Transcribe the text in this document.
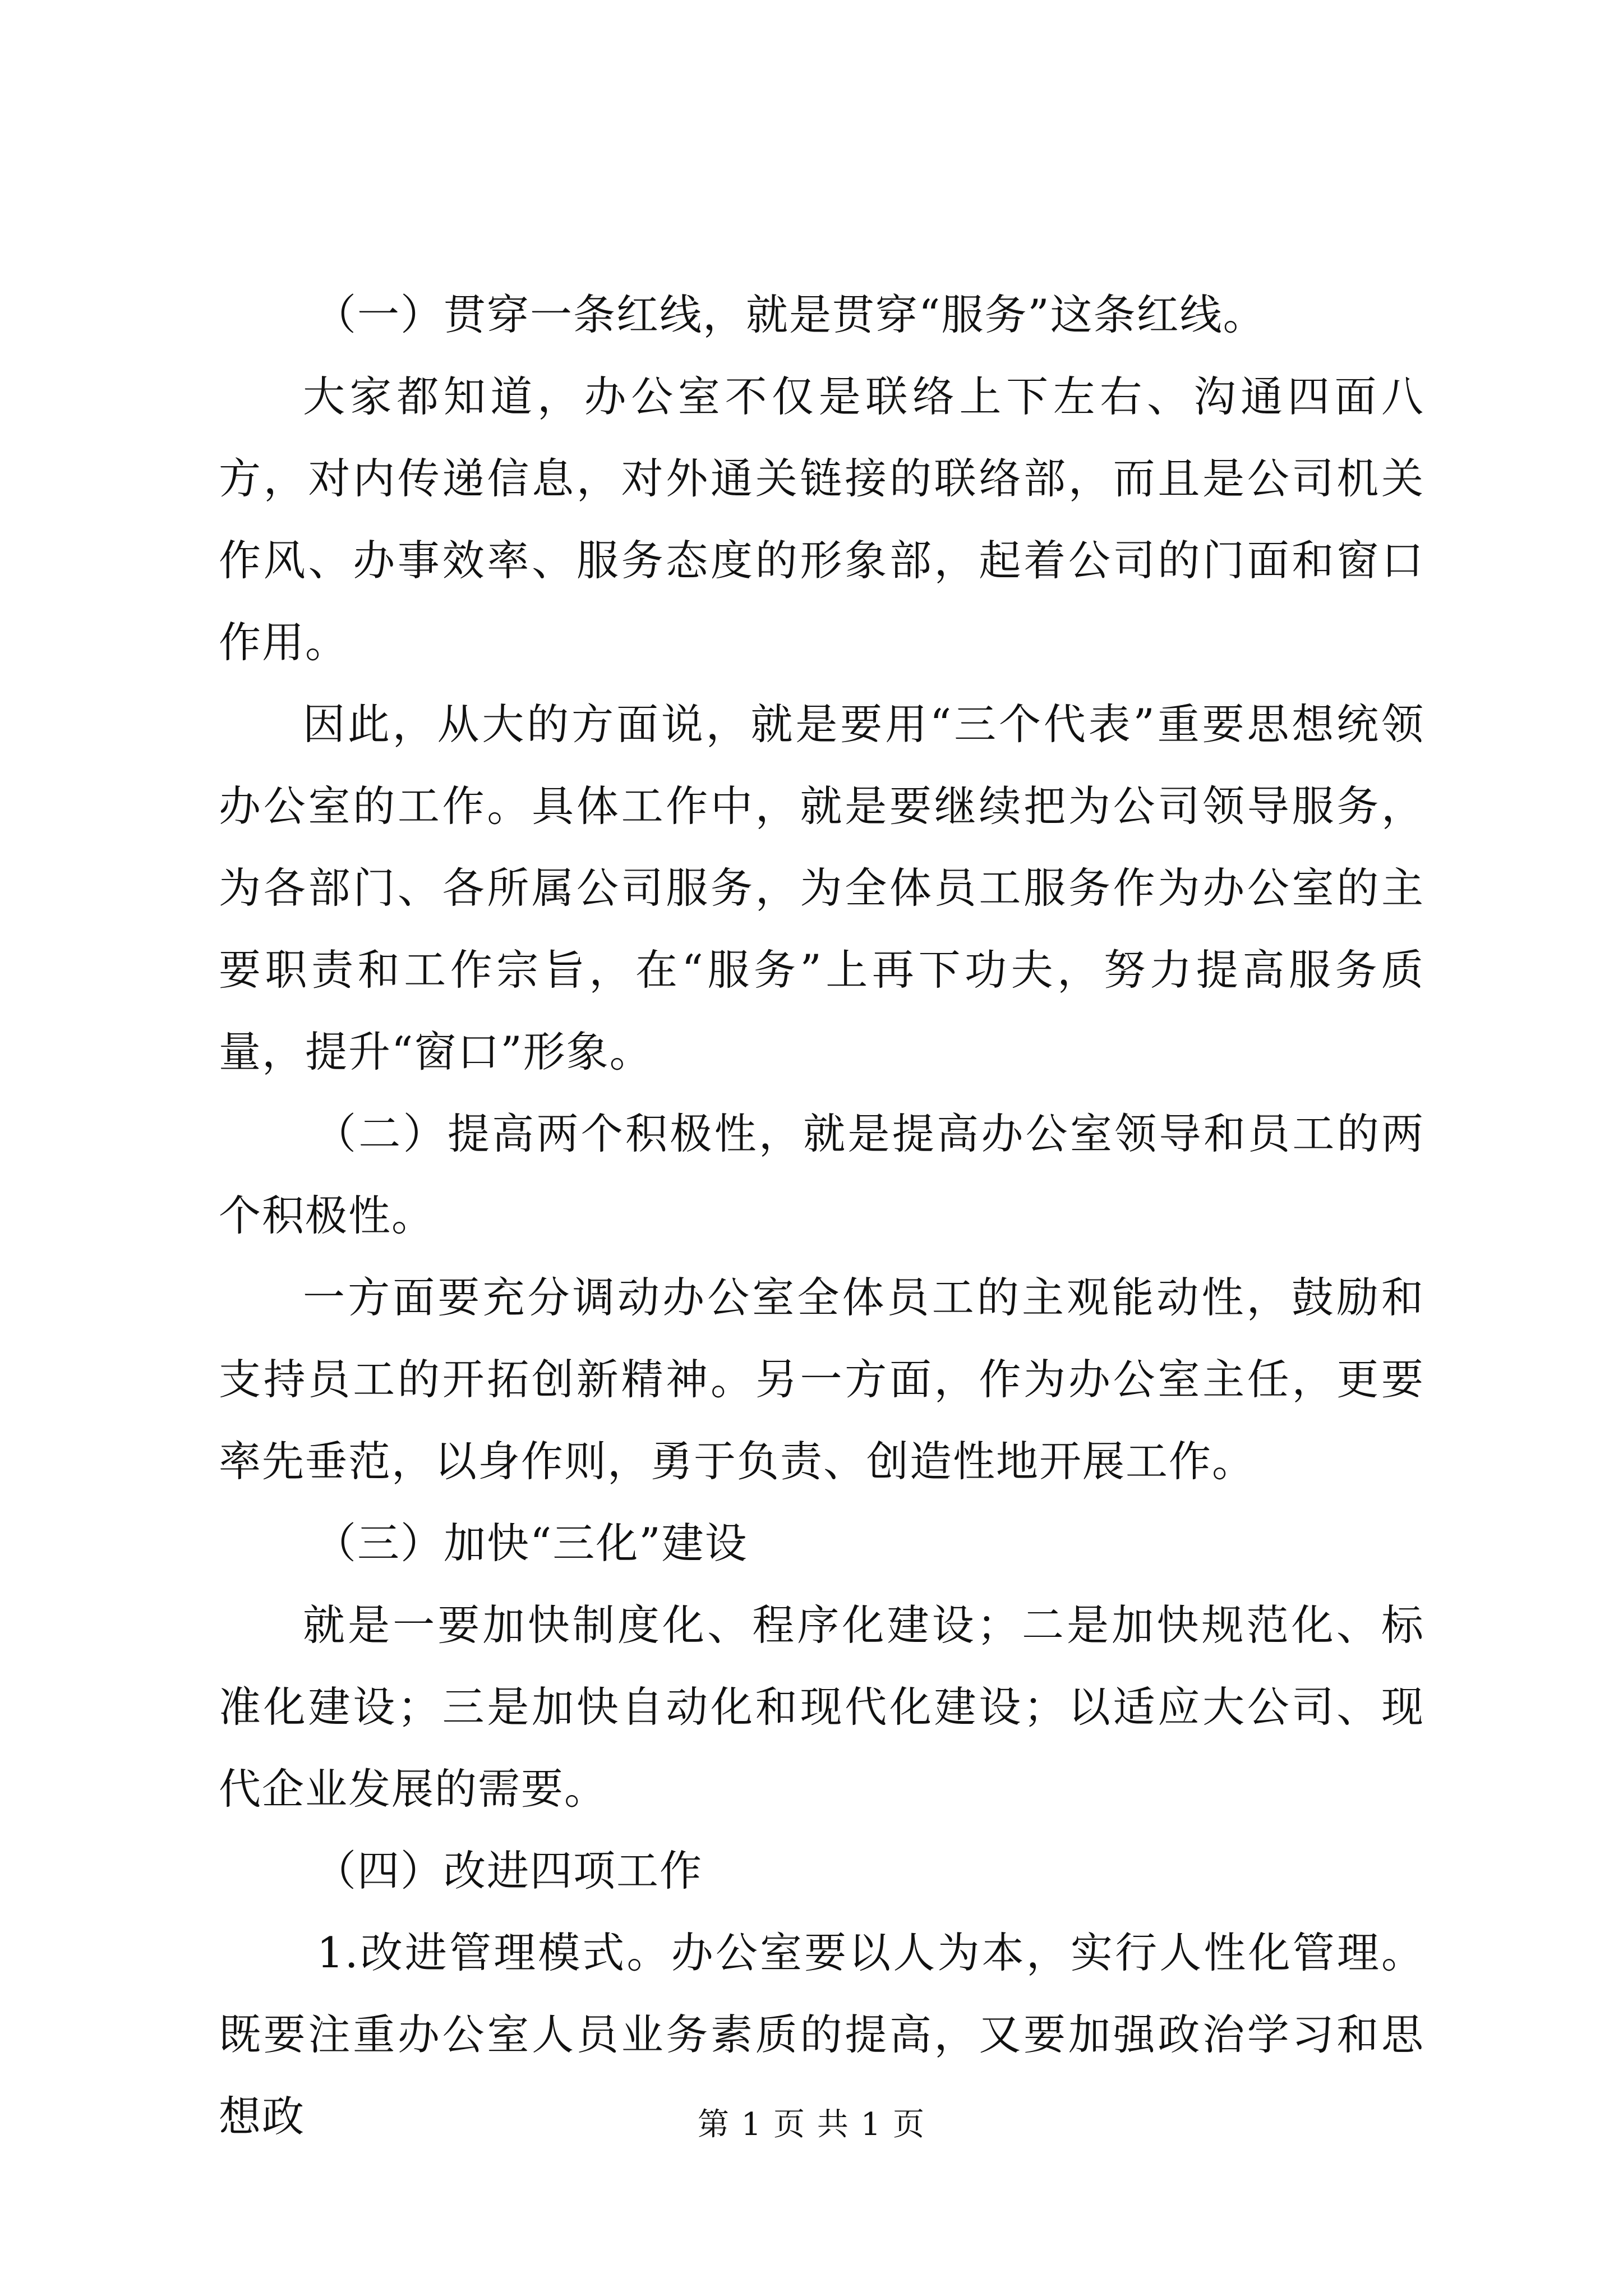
（一）贯穿一条红线，就是贯穿“服务”这条红线。

大家都知道，办公室不仅是联络上下左右、沟通四面八方，对内传递信息，对外通关链接的联络部，而且是公司机关作风、办事效率、服务态度的形象部，起着公司的门面和窗口作用。

因此，从大的方面说，就是要用“三个代表”重要思想统领办公室的工作。具体工作中，就是要继续把为公司领导服务，为各部门、各所属公司服务，为全体员工服务作为办公室的主要职责和工作宗旨，在“服务”上再下功夫，努力提高服务质量，提升“窗口”形象。

（二）提高两个积极性，就是提高办公室领导和员工的两个积极性。

一方面要充分调动办公室全体员工的主观能动性，鼓励和支持员工的开拓创新精神。另一方面，作为办公室主任，更要率先垂范，以身作则，勇于负责、创造性地开展工作。

（三）加快“三化”建设

就是一要加快制度化、程序化建设；二是加快规范化、标准化建设；三是加快自动化和现代化建设；以适应大公司、现代企业发展的需要。

（四）改进四项工作

1.改进管理模式。办公室要以人为本，实行人性化管理。既要注重办公室人员业务素质的提高，又要加强政治学习和思想政	第 1 页 共 1 页
